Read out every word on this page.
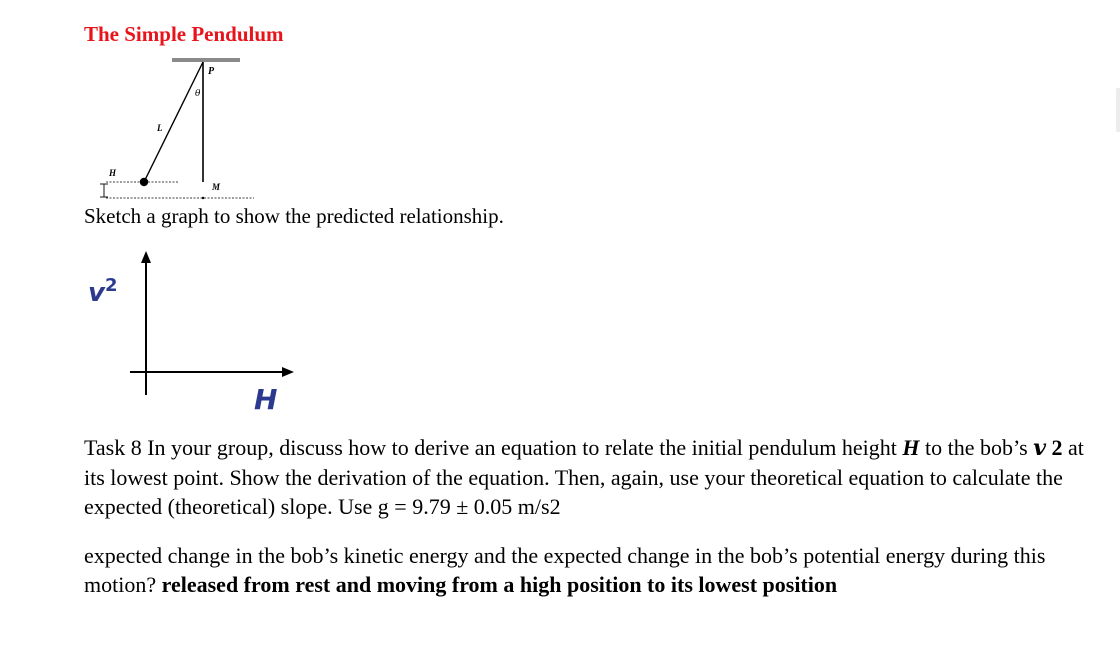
The Simple Pendulum
P
θ
L
H
M
Sketch a graph to show the predicted relationship.
$v^2$
H
Task 8 In your group, discuss how to derive an equation to relate the initial pendulum height H to the bob’s v 2 at its lowest point. Show the derivation of the equation. Then, again, use your theoretical equation to calculate the expected (theoretical) slope. Use g = 9.79 ± 0.05 m/s2
expected change in the bob’s kinetic energy and the expected change in the bob’s potential energy during this motion? released from rest and moving from a high position to its lowest position
